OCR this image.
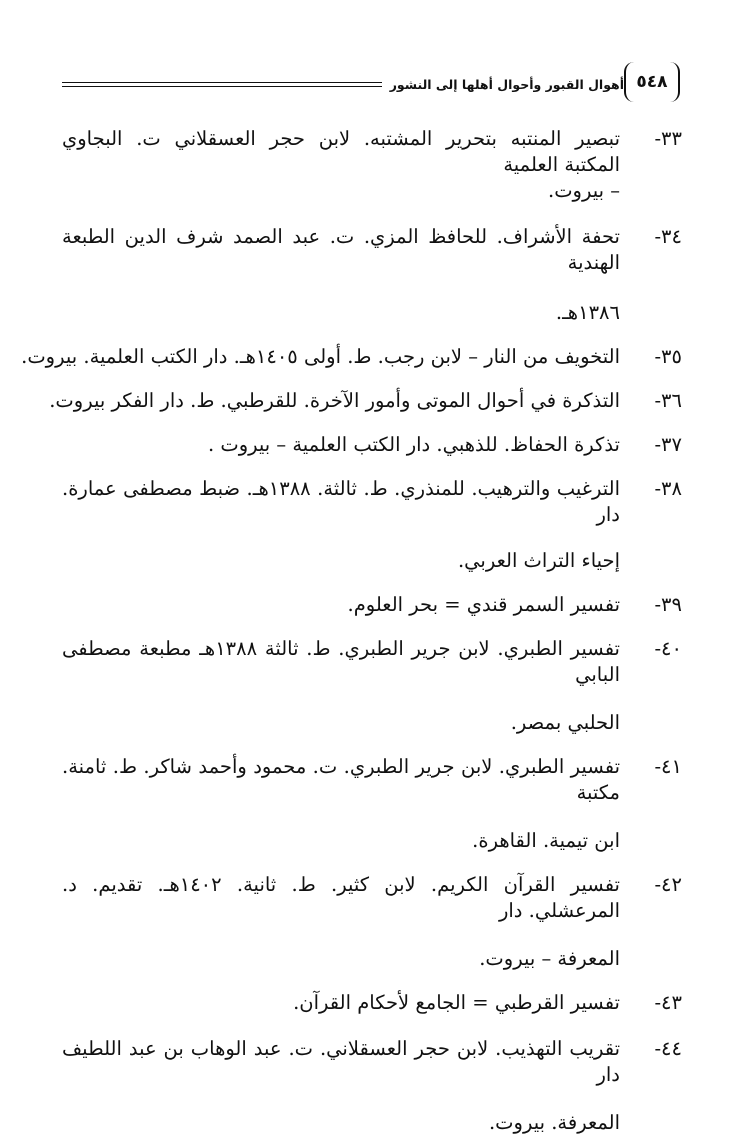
٥٤٨
أهوال القبور وأحوال أهلها إلى النشور
٣٣-
تبصير المنتبه بتحرير المشتبه. لابن حجر العسقلاني ت. البجاوي المكتبة العلمية
– بيروت.
٣٤-
تحفة الأشراف. للحافظ المزي. ت. عبد الصمد شرف الدين الطبعة الهندية
١٣٨٦هـ.
٣٥-
التخويف من النار – لابن رجب. ط. أولى ١٤٠٥هـ. دار الكتب العلمية. بيروت.
٣٦-
التذكرة في أحوال الموتى وأمور الآخرة. للقرطبي. ط. دار الفكر بيروت.
٣٧-
تذكرة الحفاظ. للذهبي. دار الكتب العلمية – بيروت .
٣٨-
الترغيب والترهيب. للمنذري. ط. ثالثة. ١٣٨٨هـ. ضبط مصطفى عمارة. دار
إحياء التراث العربي.
٣٩-
تفسير السمر قندي = بحر العلوم.
٤٠-
تفسير الطبري. لابن جرير الطبري. ط. ثالثة ١٣٨٨هـ مطبعة مصطفى البابي
الحلبي بمصر.
٤١-
تفسير الطبري. لابن جرير الطبري. ت. محمود وأحمد شاكر. ط. ثامنة. مكتبة
ابن تيمية. القاهرة.
٤٢-
تفسير القرآن الكريم. لابن كثير. ط. ثانية. ١٤٠٢هـ. تقديم. د. المرعشلي. دار
المعرفة – بيروت.
٤٣-
تفسير القرطبي = الجامع لأحكام القرآن.
٤٤-
تقريب التهذيب. لابن حجر العسقلاني. ت. عبد الوهاب بن عبد اللطيف دار
المعرفة. بيروت.
